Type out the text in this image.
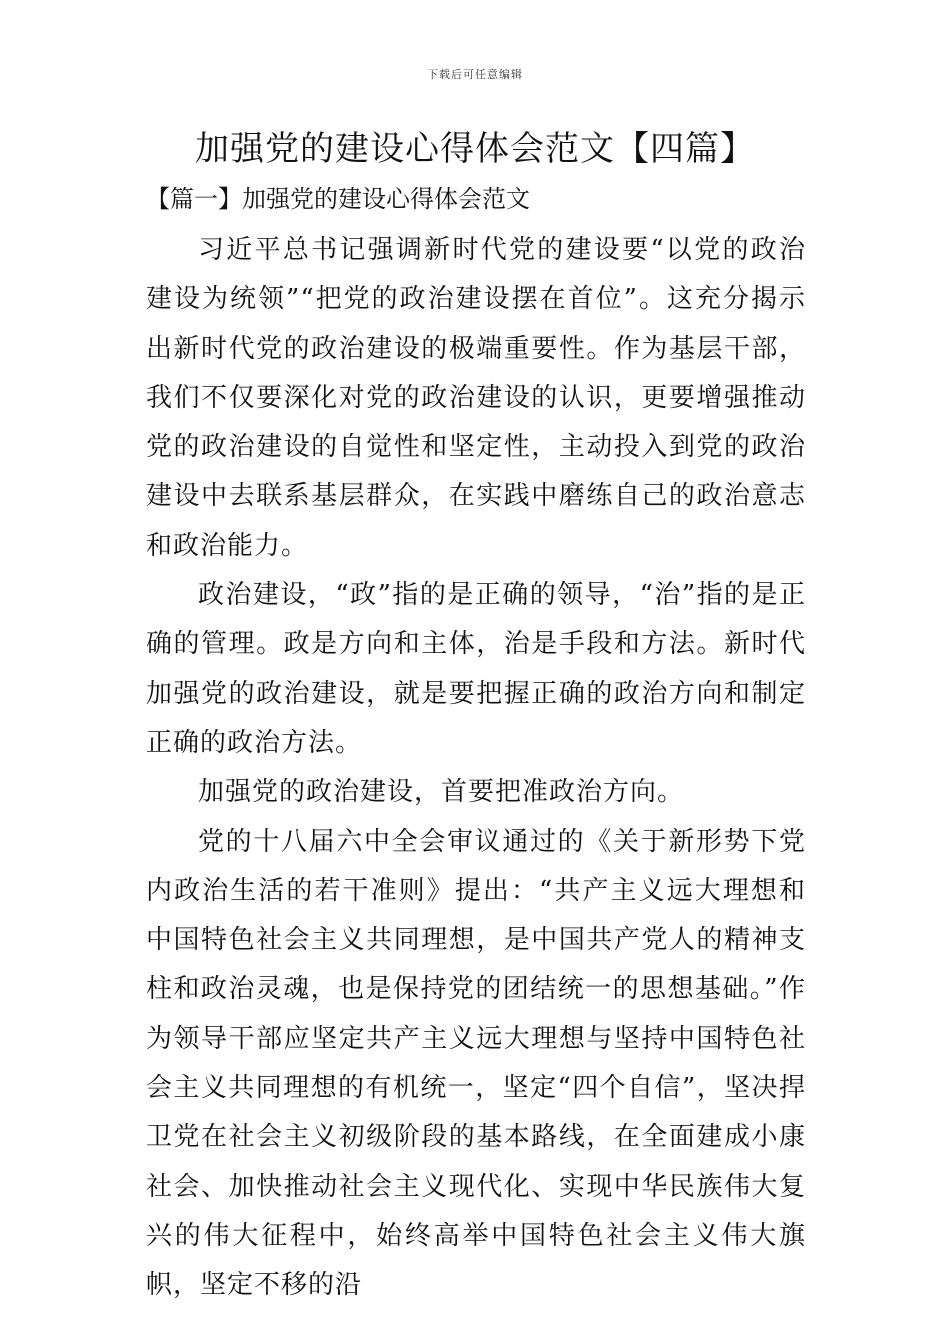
下载后可任意编辑
加强党的建设心得体会范文【四篇】
【篇一】加强党的建设心得体会范文

习近平总书记强调新时代党的建设要“以党的政治建设为统领”“把党的政治建设摆在首位”。这充分揭示出新时代党的政治建设的极端重要性。作为基层干部，我们不仅要深化对党的政治建设的认识，更要增强推动党的政治建设的自觉性和坚定性，主动投入到党的政治建设中去联系基层群众，在实践中磨练自己的政治意志和政治能力。

政治建设，“政”指的是正确的领导，“治”指的是正确的管理。政是方向和主体，治是手段和方法。新时代加强党的政治建设，就是要把握正确的政治方向和制定正确的政治方法。

加强党的政治建设，首要把准政治方向。

党的十八届六中全会审议通过的《关于新形势下党内政治生活的若干准则》提出：“共产主义远大理想和中国特色社会主义共同理想，是中国共产党人的精神支柱和政治灵魂，也是保持党的团结统一的思想基础。”作为领导干部应坚定共产主义远大理想与坚持中国特色社会主义共同理想的有机统一，坚定“四个自信”，坚决捍卫党在社会主义初级阶段的基本路线，在全面建成小康社会、加快推动社会主义现代化、实现中华民族伟大复兴的伟大征程中，始终高举中国特色社会主义伟大旗帜，坚定不移的沿
